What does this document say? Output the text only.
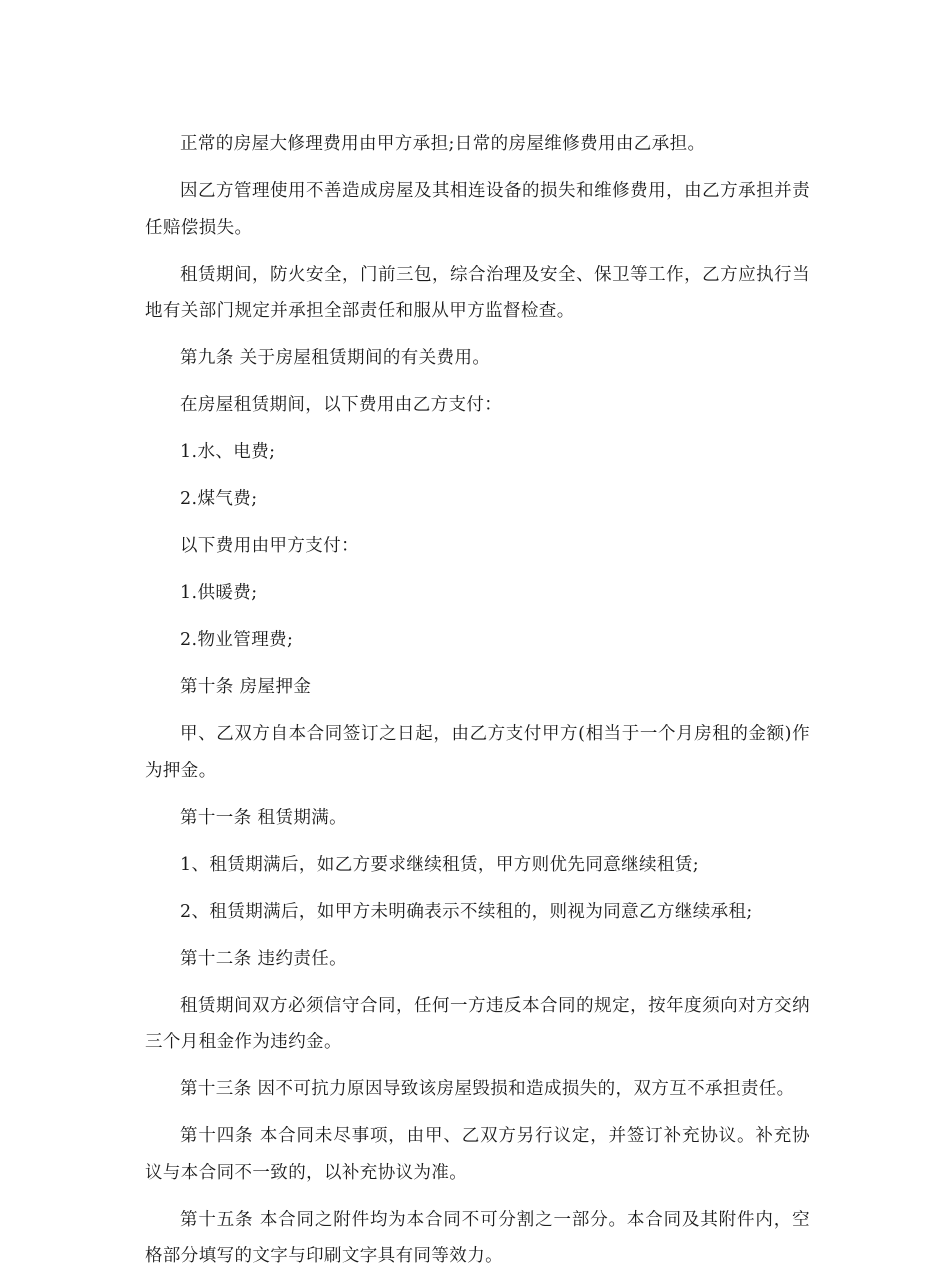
正常的房屋大修理费用由甲方承担;日常的房屋维修费用由乙承担。

因乙方管理使用不善造成房屋及其相连设备的损失和维修费用，由乙方承担并责任赔偿损失。

租赁期间，防火安全，门前三包，综合治理及安全、保卫等工作，乙方应执行当地有关部门规定并承担全部责任和服从甲方监督检查。

第九条 关于房屋租赁期间的有关费用。

在房屋租赁期间，以下费用由乙方支付：

1.水、电费;

2.煤气费;

以下费用由甲方支付：

1.供暖费;

2.物业管理费;

第十条 房屋押金

甲、乙双方自本合同签订之日起，由乙方支付甲方(相当于一个月房租的金额)作为押金。

第十一条 租赁期满。

1、租赁期满后，如乙方要求继续租赁，甲方则优先同意继续租赁;

2、租赁期满后，如甲方未明确表示不续租的，则视为同意乙方继续承租;

第十二条 违约责任。

租赁期间双方必须信守合同，任何一方违反本合同的规定，按年度须向对方交纳三个月租金作为违约金。

第十三条 因不可抗力原因导致该房屋毁损和造成损失的，双方互不承担责任。

第十四条 本合同未尽事项，由甲、乙双方另行议定，并签订补充协议。补充协议与本合同不一致的，以补充协议为准。

第十五条 本合同之附件均为本合同不可分割之一部分。本合同及其附件内，空格部分填写的文字与印刷文字具有同等效力。
